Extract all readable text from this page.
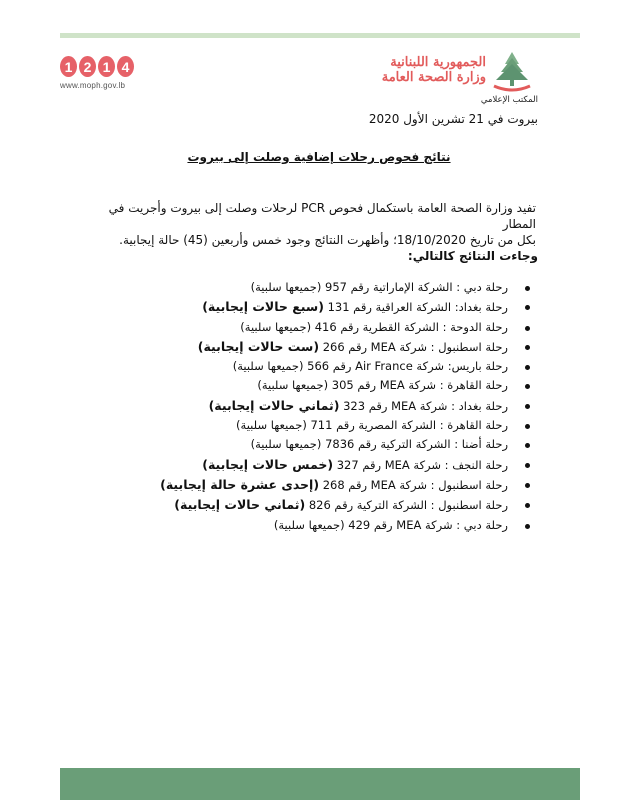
1 2 1 4
www.moph.gov.lb
الجمهورية اللبنانية
وزارة الصحة العامة
المكتب الإعلامي
بيروت في 21 تشرين الأول 2020
نتائج فحوص رحلات إضافية وصلت إلى بيروت
تفيد وزارة الصحة العامة باستكمال فحوص PCR لرحلات وصلت إلى بيروت وأجريت في المطار
بكل من تاريخ 18/10/2020؛ وأظهرت النتائج وجود خمس وأربعين (45) حالة إيجابية.
وجاءت النتائج كالتالي:
رحلة دبي : الشركة الإماراتية رقم 957 (جميعها سلبية)
رحلة بغداد: الشركة العراقية رقم 131 (سبع حالات إيجابية)
رحلة الدوحة : الشركة القطرية رقم 416 (جميعها سلبية)
رحلة اسطنبول : شركة MEA رقم 266 (ست حالات إيجابية)
رحلة باريس: شركة Air France رقم 566 (جميعها سلبية)
رحلة القاهرة : شركة MEA رقم 305 (جميعها سلبية)
رحلة بغداد : شركة MEA رقم 323 (ثماني حالات إيجابية)
رحلة القاهرة : الشركة المصرية رقم 711 (جميعها سلبية)
رحلة أضنا : الشركة التركية رقم 7836 (جميعها سلبية)
رحلة النجف : شركة MEA رقم 327 (خمس حالات إيجابية)
رحلة اسطنبول : شركة MEA رقم 268 (إحدى عشرة حالة إيجابية)
رحلة اسطنبول : الشركة التركية رقم 826 (ثماني حالات إيجابية)
رحلة دبي : شركة MEA رقم 429 (جميعها سلبية)
